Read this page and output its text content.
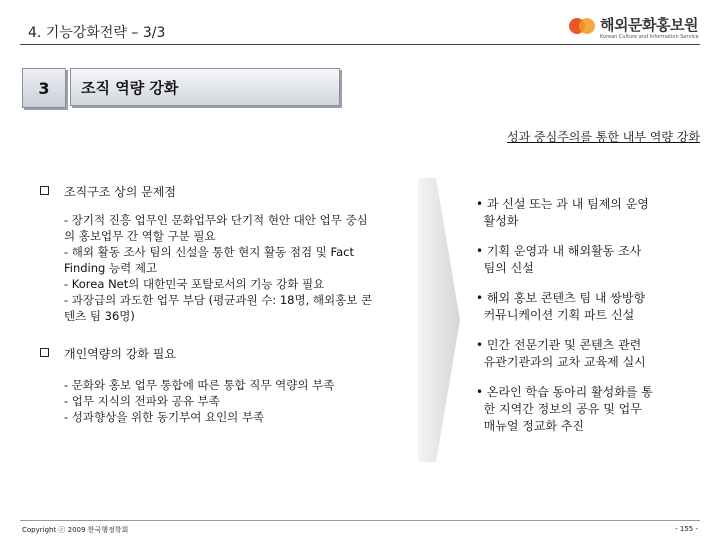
4. 기능강화전략 – 3/3	해외문화홍보원
Korean Culture and Information Service
3	조직 역량 강화
성과 중심주의를 통한 내부 역량 강화
조직구조 상의 문제점
- 장기적 진흥 업무인 문화업무와 단기적 현안 대안 업무 중심
의 홍보업무 간 역할 구분 필요
- 해외 활동 조사 팀의 신설을 통한 현지 활동 점검 및 Fact
Finding 능력 제고
- Korea Net의 대한민국 포탈로서의 기능 강화 필요
- 과장급의 과도한 업무 부담 (평균과원 수: 18명, 해외홍보 콘
텐츠 팀 36명)
개인역량의 강화 필요
- 문화와 홍보 업무 통합에 따른 통합 직무 역량의 부족
- 업무 지식의 전파와 공유 부족
- 성과향상을 위한 동기부여 요인의 부족
• 과 신설 또는 과 내 팀제의 운영
활성화
• 기획 운영과 내 해외활동 조사
팀의 신설
• 해외 홍보 콘텐츠 팀 내 쌍방향
커뮤니케이션 기획 파트 신설
• 민간 전문기관 및 콘텐츠 관련
유관기관과의 교차 교육제 실시
• 온라인 학습 동아리 활성화를 통
한 지역간 정보의 공유 및 업무
매뉴얼 정교화 추진
Copyright ⓒ 2009 한국행정학회	- 155 -
